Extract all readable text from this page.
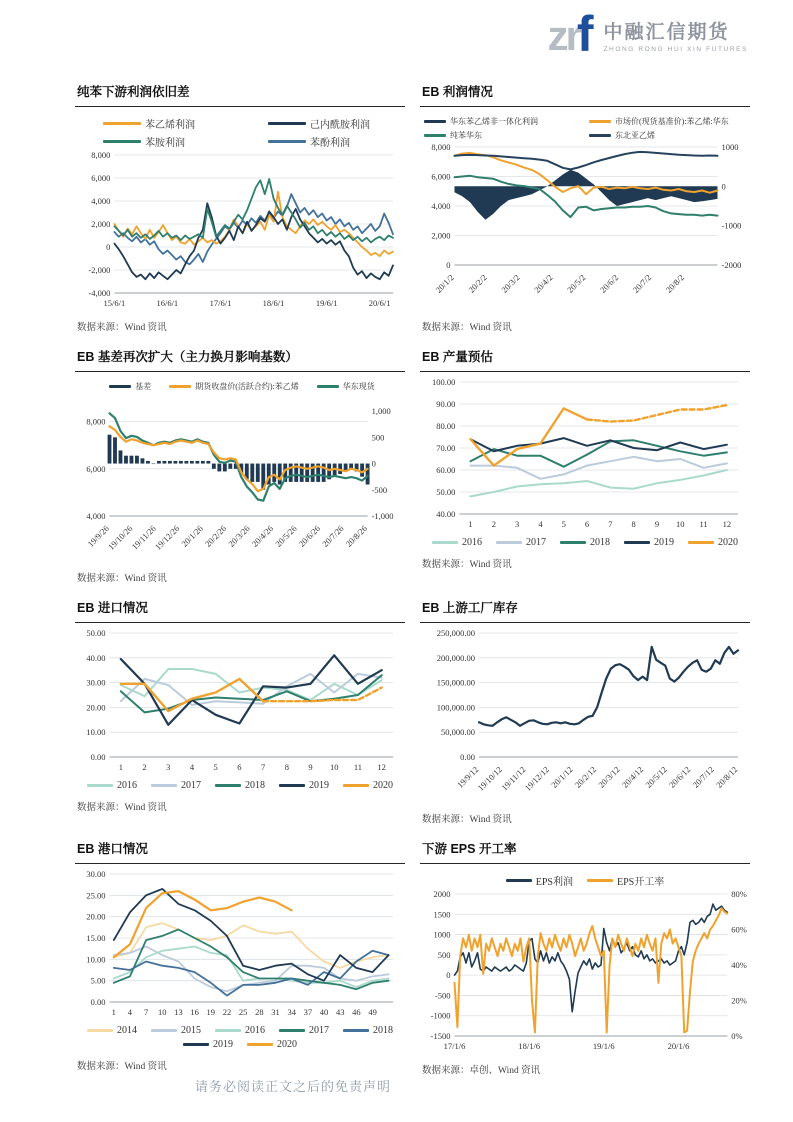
zr
f 中融汇信期货
ZHONG RONG HUI XIN FUTURES
纯苯下游利润依旧差
苯乙烯利润	己内酰胺利润
苯胺利润	苯酚利润
8,000
6,000
4,000
2,000
0
-2,000
-4,000
15/6/1	16/6/1	17/6/1	18/6/1	19/6/1	20/6/1
数据来源：Wind 资讯
EB 利润情况
华东苯乙烯非一体化利润	市场价(现货基准价):苯乙烯:华东
纯苯华东	东北亚乙烯
8,000
6,000
4,000
2,000
0
1000
0
-1000
-2000
20/1/2 20/2/2 20/3/2 20/4/2 20/5/2 20/6/2 20/7/2 20/8/2
数据来源：Wind 资讯
EB 基差再次扩大（主力换月影响基数）
基差	期货收盘价(活跃合约):苯乙烯	华东现货
8,000
6,000
4,000
1,000
500
0
-500
-1,000
19/9/26
19/10/26
19/11/26
19/12/26
20/1/26
20/2/26
20/3/26
20/4/26
20/5/26
20/6/26
20/7/26
20/8/26
数据来源：Wind 资讯
EB 产量预估
100.00
90.00
80.00
70.00
60.00
50.00
40.00
1 2 3 4 5 6 7 8 9 10 11 12
2016	2017	2018	2019	2020
数据来源：Wind 资讯
EB 进口情况
50.00
40.00
30.00
20.00
10.00
0.00
1 2 3 4 5 6 7 8 9 10 11 12
2016	2017	2018	2019	2020
数据来源：Wind 资讯
EB 上游工厂库存
250,000.00
200,000.00
150,000.00
100,000.00
50,000.00
0.00
19/9/12
19/10/12
19/11/12
19/12/12
20/1/12
20/2/12
20/3/12
20/4/12
20/5/12
20/6/12
20/7/12
20/8/12
数据来源：Wind 资讯
EB 港口情况
30.00
25.00
20.00
15.00
10.00
5.00
0.00
1 4 7 10 13 16 19 22 25 28 31 34 37 40 43 46 49
2014	2015	2016	2017	2018
2019	2020
数据来源：Wind 资讯
请务必阅读正文之后的免责声明
下游 EPS 开工率
EPS利润	EPS开工率
2000
1500
1000
500
0
-500
-1000
-1500
80%
60%
40%
20%
0%
17/1/6	18/1/6	19/1/6	20/1/6
数据来源：卓创、Wind 资讯
